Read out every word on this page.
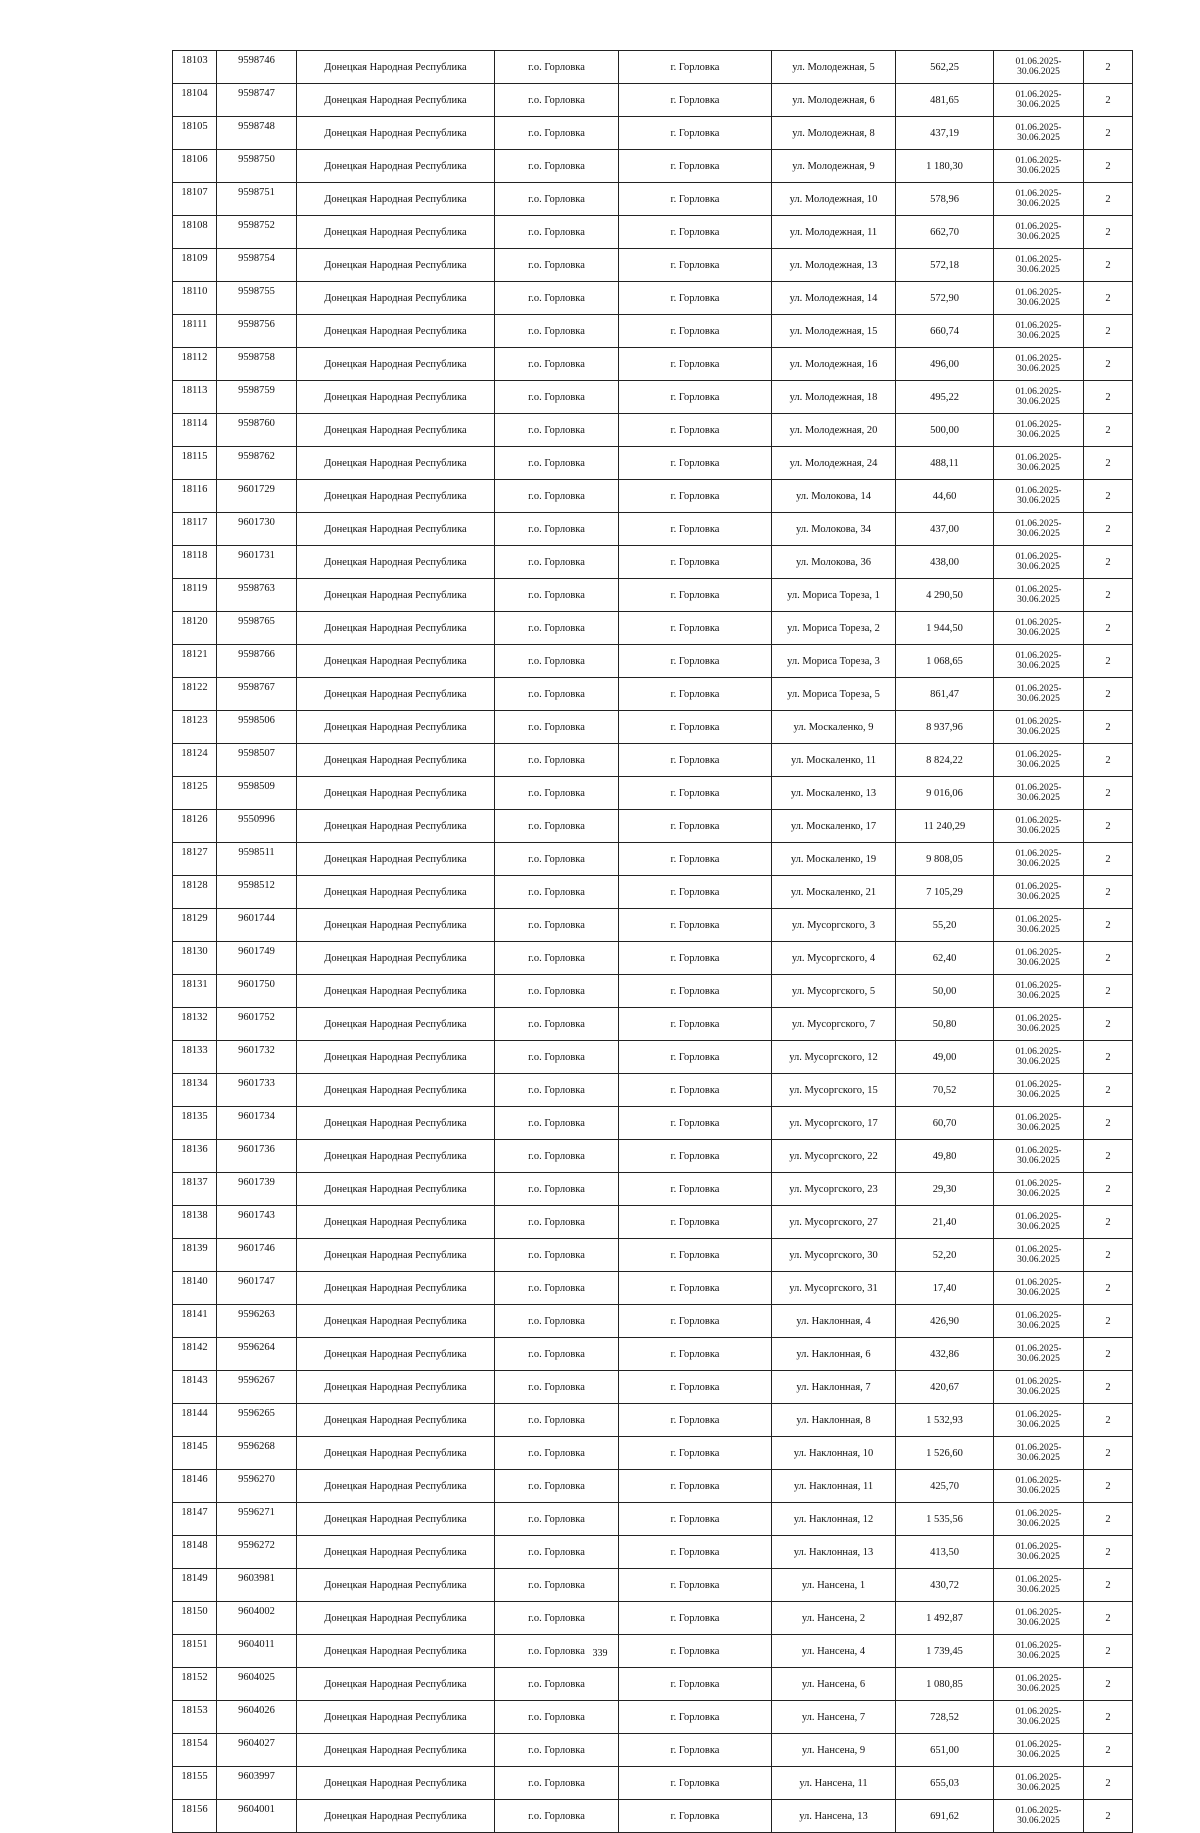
18103	9598746	Донецкая Народная Республика	г.о. Горловка	г. Горловка	ул. Молодежная, 5	562,25	01.06.2025-
30.06.2025	2
18104	9598747	Донецкая Народная Республика	г.о. Горловка	г. Горловка	ул. Молодежная, 6	481,65	01.06.2025-
30.06.2025	2
18105	9598748	Донецкая Народная Республика	г.о. Горловка	г. Горловка	ул. Молодежная, 8	437,19	01.06.2025-
30.06.2025	2
18106	9598750	Донецкая Народная Республика	г.о. Горловка	г. Горловка	ул. Молодежная, 9	1 180,30	01.06.2025-
30.06.2025	2
18107	9598751	Донецкая Народная Республика	г.о. Горловка	г. Горловка	ул. Молодежная, 10	578,96	01.06.2025-
30.06.2025	2
18108	9598752	Донецкая Народная Республика	г.о. Горловка	г. Горловка	ул. Молодежная, 11	662,70	01.06.2025-
30.06.2025	2
18109	9598754	Донецкая Народная Республика	г.о. Горловка	г. Горловка	ул. Молодежная, 13	572,18	01.06.2025-
30.06.2025	2
18110	9598755	Донецкая Народная Республика	г.о. Горловка	г. Горловка	ул. Молодежная, 14	572,90	01.06.2025-
30.06.2025	2
18111	9598756	Донецкая Народная Республика	г.о. Горловка	г. Горловка	ул. Молодежная, 15	660,74	01.06.2025-
30.06.2025	2
18112	9598758	Донецкая Народная Республика	г.о. Горловка	г. Горловка	ул. Молодежная, 16	496,00	01.06.2025-
30.06.2025	2
18113	9598759	Донецкая Народная Республика	г.о. Горловка	г. Горловка	ул. Молодежная, 18	495,22	01.06.2025-
30.06.2025	2
18114	9598760	Донецкая Народная Республика	г.о. Горловка	г. Горловка	ул. Молодежная, 20	500,00	01.06.2025-
30.06.2025	2
18115	9598762	Донецкая Народная Республика	г.о. Горловка	г. Горловка	ул. Молодежная, 24	488,11	01.06.2025-
30.06.2025	2
18116	9601729	Донецкая Народная Республика	г.о. Горловка	г. Горловка	ул. Молокова, 14	44,60	01.06.2025-
30.06.2025	2
18117	9601730	Донецкая Народная Республика	г.о. Горловка	г. Горловка	ул. Молокова, 34	437,00	01.06.2025-
30.06.2025	2
18118	9601731	Донецкая Народная Республика	г.о. Горловка	г. Горловка	ул. Молокова, 36	438,00	01.06.2025-
30.06.2025	2
18119	9598763	Донецкая Народная Республика	г.о. Горловка	г. Горловка	ул. Мориса Тореза, 1	4 290,50	01.06.2025-
30.06.2025	2
18120	9598765	Донецкая Народная Республика	г.о. Горловка	г. Горловка	ул. Мориса Тореза, 2	1 944,50	01.06.2025-
30.06.2025	2
18121	9598766	Донецкая Народная Республика	г.о. Горловка	г. Горловка	ул. Мориса Тореза, 3	1 068,65	01.06.2025-
30.06.2025	2
18122	9598767	Донецкая Народная Республика	г.о. Горловка	г. Горловка	ул. Мориса Тореза, 5	861,47	01.06.2025-
30.06.2025	2
18123	9598506	Донецкая Народная Республика	г.о. Горловка	г. Горловка	ул. Москаленко, 9	8 937,96	01.06.2025-
30.06.2025	2
18124	9598507	Донецкая Народная Республика	г.о. Горловка	г. Горловка	ул. Москаленко, 11	8 824,22	01.06.2025-
30.06.2025	2
18125	9598509	Донецкая Народная Республика	г.о. Горловка	г. Горловка	ул. Москаленко, 13	9 016,06	01.06.2025-
30.06.2025	2
18126	9550996	Донецкая Народная Республика	г.о. Горловка	г. Горловка	ул. Москаленко, 17	11 240,29	01.06.2025-
30.06.2025	2
18127	9598511	Донецкая Народная Республика	г.о. Горловка	г. Горловка	ул. Москаленко, 19	9 808,05	01.06.2025-
30.06.2025	2
18128	9598512	Донецкая Народная Республика	г.о. Горловка	г. Горловка	ул. Москаленко, 21	7 105,29	01.06.2025-
30.06.2025	2
18129	9601744	Донецкая Народная Республика	г.о. Горловка	г. Горловка	ул. Мусоргского, 3	55,20	01.06.2025-
30.06.2025	2
18130	9601749	Донецкая Народная Республика	г.о. Горловка	г. Горловка	ул. Мусоргского, 4	62,40	01.06.2025-
30.06.2025	2
18131	9601750	Донецкая Народная Республика	г.о. Горловка	г. Горловка	ул. Мусоргского, 5	50,00	01.06.2025-
30.06.2025	2
18132	9601752	Донецкая Народная Республика	г.о. Горловка	г. Горловка	ул. Мусоргского, 7	50,80	01.06.2025-
30.06.2025	2
18133	9601732	Донецкая Народная Республика	г.о. Горловка	г. Горловка	ул. Мусоргского, 12	49,00	01.06.2025-
30.06.2025	2
18134	9601733	Донецкая Народная Республика	г.о. Горловка	г. Горловка	ул. Мусоргского, 15	70,52	01.06.2025-
30.06.2025	2
18135	9601734	Донецкая Народная Республика	г.о. Горловка	г. Горловка	ул. Мусоргского, 17	60,70	01.06.2025-
30.06.2025	2
18136	9601736	Донецкая Народная Республика	г.о. Горловка	г. Горловка	ул. Мусоргского, 22	49,80	01.06.2025-
30.06.2025	2
18137	9601739	Донецкая Народная Республика	г.о. Горловка	г. Горловка	ул. Мусоргского, 23	29,30	01.06.2025-
30.06.2025	2
18138	9601743	Донецкая Народная Республика	г.о. Горловка	г. Горловка	ул. Мусоргского, 27	21,40	01.06.2025-
30.06.2025	2
18139	9601746	Донецкая Народная Республика	г.о. Горловка	г. Горловка	ул. Мусоргского, 30	52,20	01.06.2025-
30.06.2025	2
18140	9601747	Донецкая Народная Республика	г.о. Горловка	г. Горловка	ул. Мусоргского, 31	17,40	01.06.2025-
30.06.2025	2
18141	9596263	Донецкая Народная Республика	г.о. Горловка	г. Горловка	ул. Наклонная, 4	426,90	01.06.2025-
30.06.2025	2
18142	9596264	Донецкая Народная Республика	г.о. Горловка	г. Горловка	ул. Наклонная, 6	432,86	01.06.2025-
30.06.2025	2
18143	9596267	Донецкая Народная Республика	г.о. Горловка	г. Горловка	ул. Наклонная, 7	420,67	01.06.2025-
30.06.2025	2
18144	9596265	Донецкая Народная Республика	г.о. Горловка	г. Горловка	ул. Наклонная, 8	1 532,93	01.06.2025-
30.06.2025	2
18145	9596268	Донецкая Народная Республика	г.о. Горловка	г. Горловка	ул. Наклонная, 10	1 526,60	01.06.2025-
30.06.2025	2
18146	9596270	Донецкая Народная Республика	г.о. Горловка	г. Горловка	ул. Наклонная, 11	425,70	01.06.2025-
30.06.2025	2
18147	9596271	Донецкая Народная Республика	г.о. Горловка	г. Горловка	ул. Наклонная, 12	1 535,56	01.06.2025-
30.06.2025	2
18148	9596272	Донецкая Народная Республика	г.о. Горловка	г. Горловка	ул. Наклонная, 13	413,50	01.06.2025-
30.06.2025	2
18149	9603981	Донецкая Народная Республика	г.о. Горловка	г. Горловка	ул. Нансена, 1	430,72	01.06.2025-
30.06.2025	2
18150	9604002	Донецкая Народная Республика	г.о. Горловка	г. Горловка	ул. Нансена, 2	1 492,87	01.06.2025-
30.06.2025	2
18151	9604011	Донецкая Народная Республика	г.о. Горловка	г. Горловка	ул. Нансена, 4	1 739,45	01.06.2025-
30.06.2025	2
18152	9604025	Донецкая Народная Республика	г.о. Горловка	г. Горловка	ул. Нансена, 6	1 080,85	01.06.2025-
30.06.2025	2
18153	9604026	Донецкая Народная Республика	г.о. Горловка	г. Горловка	ул. Нансена, 7	728,52	01.06.2025-
30.06.2025	2
18154	9604027	Донецкая Народная Республика	г.о. Горловка	г. Горловка	ул. Нансена, 9	651,00	01.06.2025-
30.06.2025	2
18155	9603997	Донецкая Народная Республика	г.о. Горловка	г. Горловка	ул. Нансена, 11	655,03	01.06.2025-
30.06.2025	2
18156	9604001	Донецкая Народная Республика	г.о. Горловка	г. Горловка	ул. Нансена, 13	691,62	01.06.2025-
30.06.2025	2
339
